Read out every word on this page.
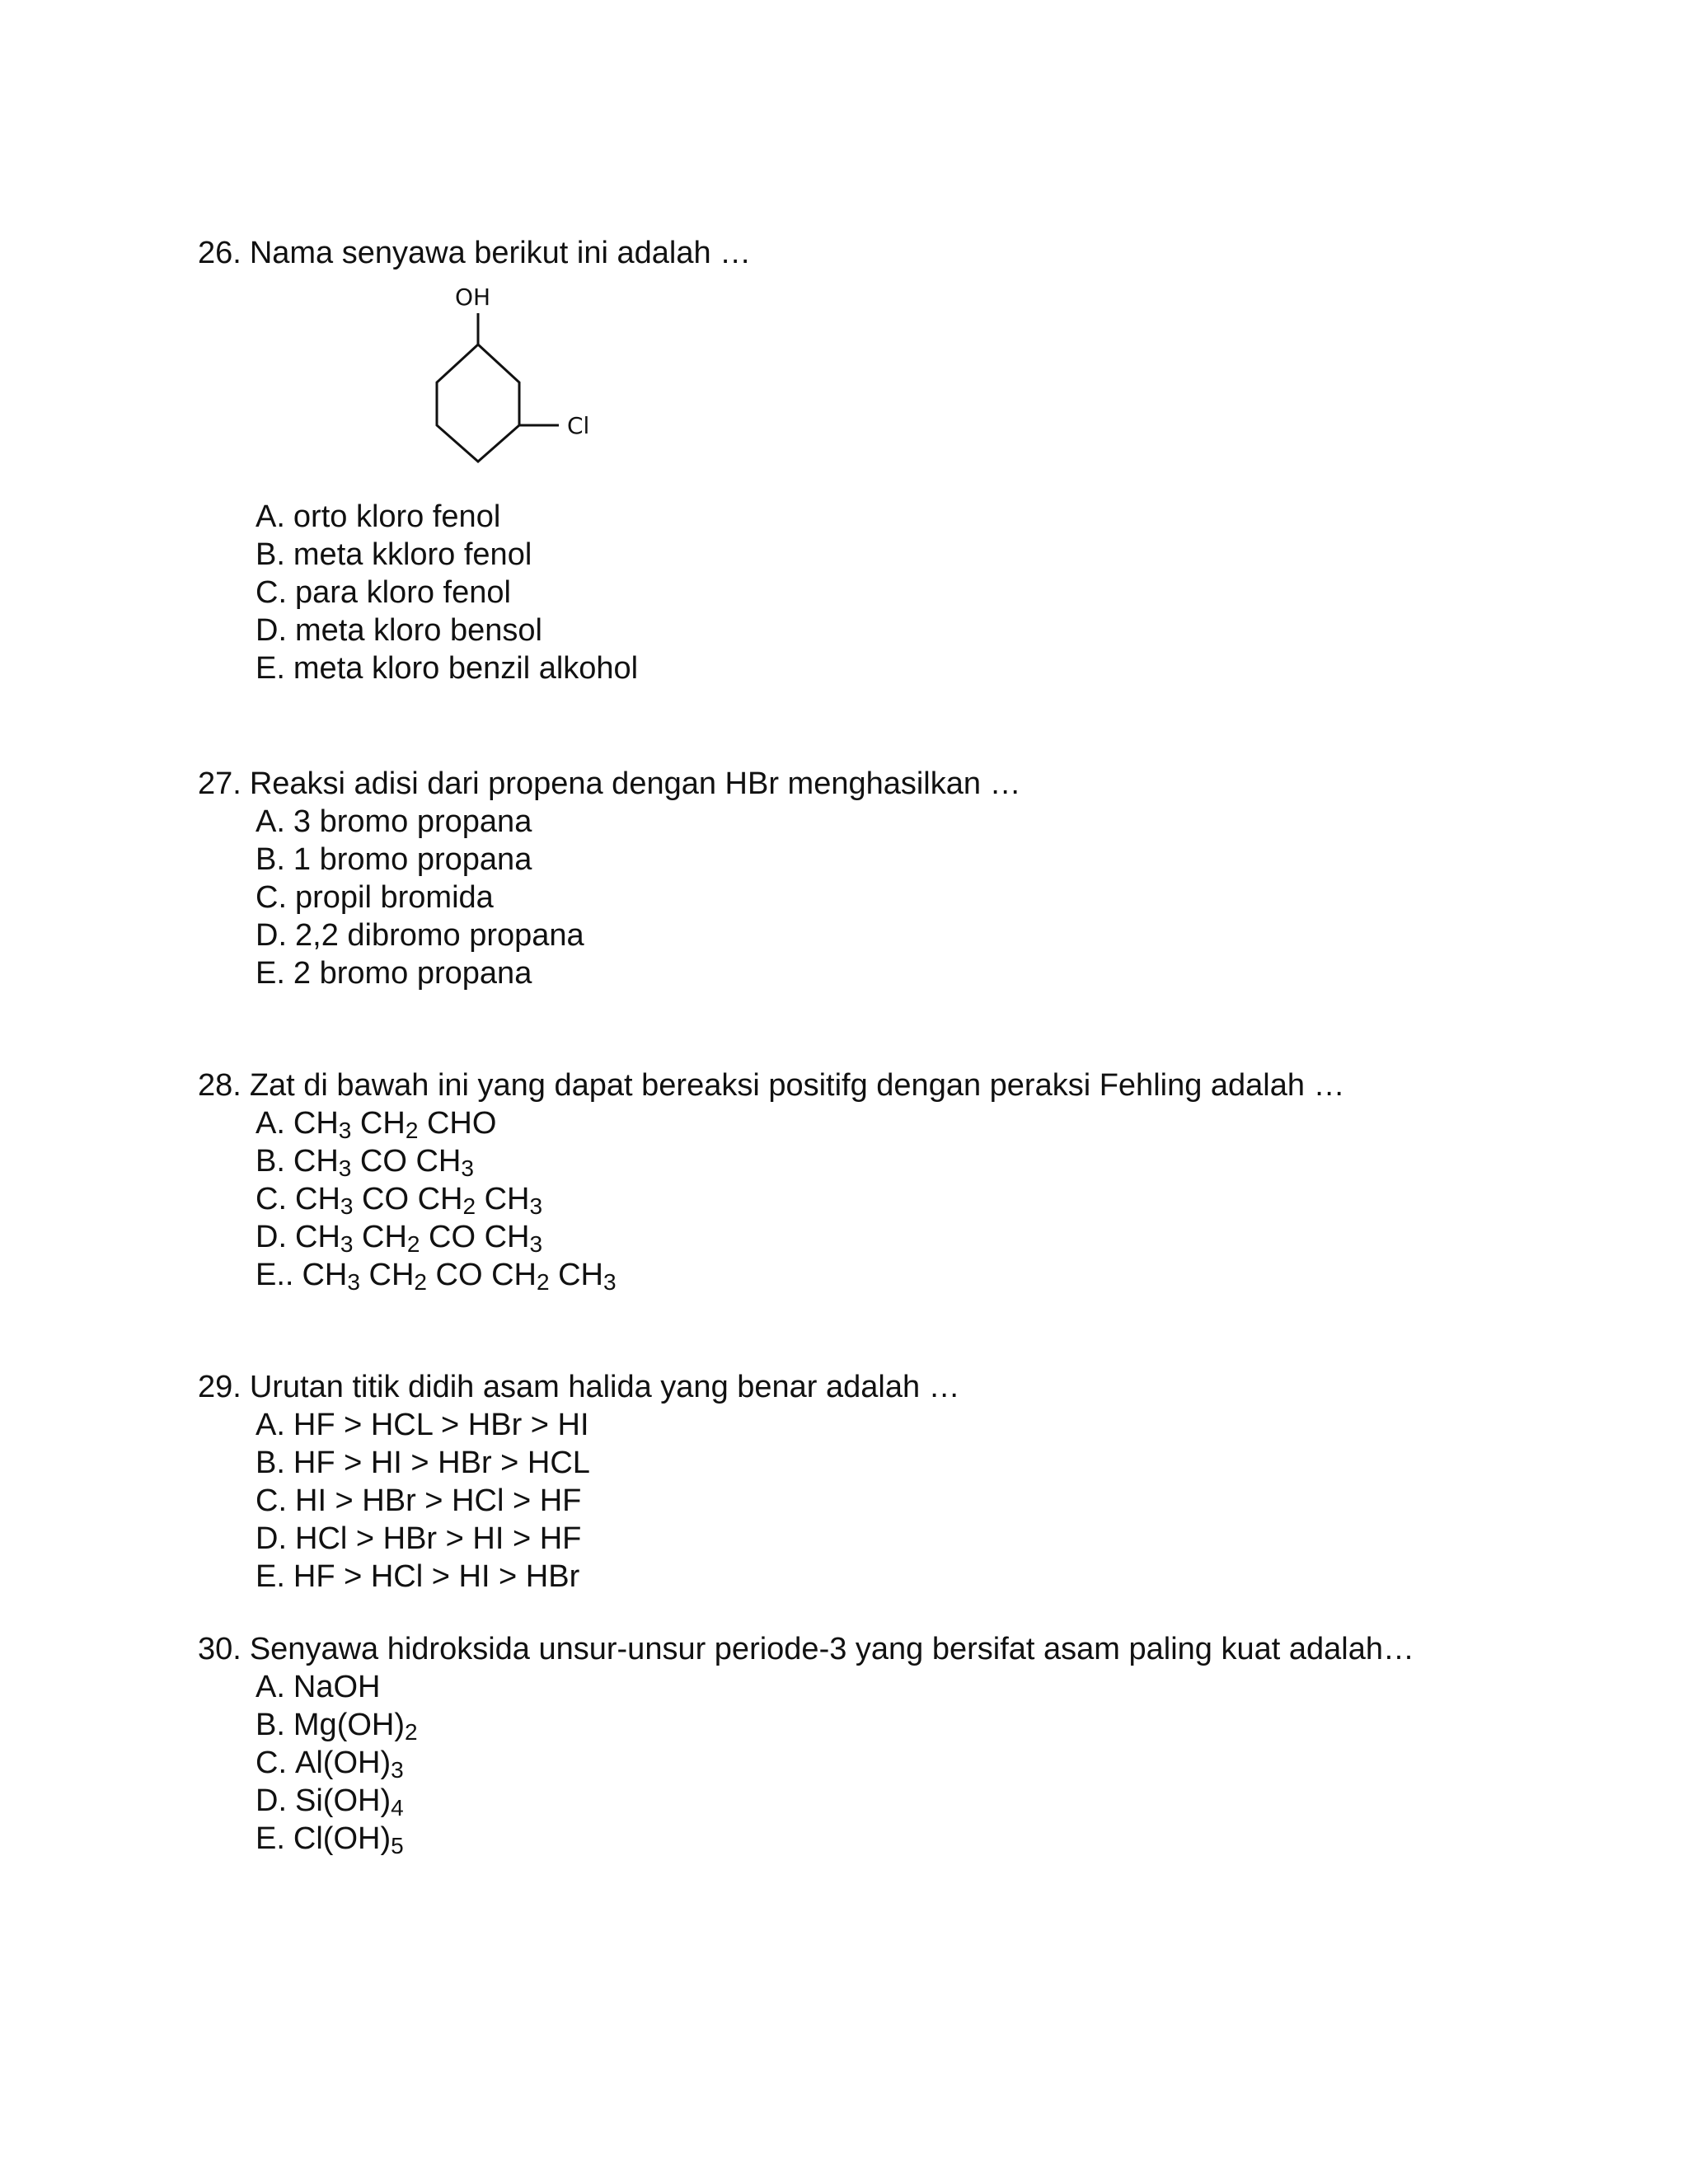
26. Nama senyawa berikut ini adalah …
OH
Cl
A. orto kloro fenol
B. meta kkloro fenol
C. para kloro fenol
D. meta kloro bensol
E. meta kloro benzil alkohol
27. Reaksi adisi dari propena dengan HBr menghasilkan …
A. 3 bromo propana
B. 1 bromo propana
C. propil bromida
D. 2,2 dibromo propana
E. 2 bromo propana
28. Zat di bawah ini yang dapat bereaksi positifg dengan peraksi Fehling adalah …
A. $CH_3$ $CH_2$ CHO
B. $CH_3$ CO $CH_3$
C. $CH_3$ CO $CH_2$ $CH_3$
D. $CH_3$ $CH_2$ CO $CH_3$
E.. $CH_3$ $CH_2$ CO $CH_2$ $CH_3$
29. Urutan titik didih asam halida yang benar adalah …
A. HF > HCL > HBr > HI
B. HF > HI > HBr > HCL
C. HI > HBr > HCl > HF
D. HCl > HBr > HI > HF
E. HF > HCl > HI > HBr
30. Senyawa hidroksida unsur-unsur periode-3 yang bersifat asam paling kuat adalah…
A. NaOH
B. $Mg(OH)_2$
C. $Al(OH)_3$
D. $Si(OH)_4$
E. $Cl(OH)_5$
